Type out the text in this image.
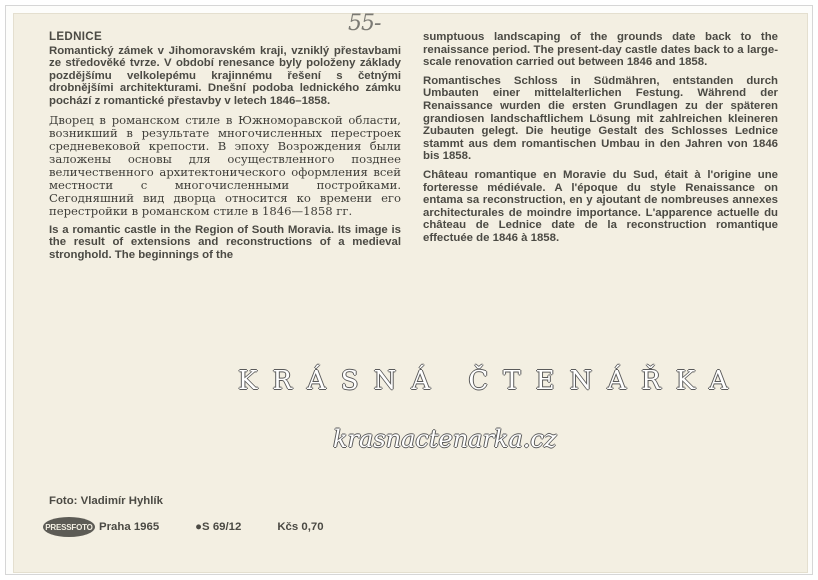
55-
LEDNICE

Romantický zámek v Jihomoravském kraji, vzniklý přestavbami ze středověké tvrze. V období renesance byly položeny základy pozdějšímu velkolepému krajinnému řešení s četnými drobnějšími architekturami. Dnešní podoba lednického zámku pochází z romantické přestavby v letech 1846–1858.

Дворец в романском стиле в Южноморавской области, возникший в результате многочисленных перестроек средневековой крепости. В эпоху Возрождения были заложены основы для осуществленного позднее величественного архитектонического оформления всей местности с многочисленными постройками. Сегодняшний вид дворца относится ко времени его перестройки в романском стиле в 1846—1858 гг.

Is a romantic castle in the Region of South Moravia. Its image is the result of extensions and reconstructions of a medieval stronghold. The beginnings of the

sumptuous landscaping of the grounds date back to the renaissance period. The present-day castle dates back to a large-scale renovation carried out between 1846 and 1858.

Romantisches Schloss in Südmähren, entstanden durch Umbauten einer mittelalterlichen Festung. Während der Renaissance wurden die ersten Grundlagen zu der späteren grandiosen landschaftlichem Lösung mit zahlreichen kleineren Zubauten gelegt. Die heutige Gestalt des Schlosses Lednice stammt aus dem romantischen Umbau in den Jahren von 1846 bis 1858.

Château romantique en Moravie du Sud, était à l'origine une forteresse médiévale. A l'époque du style Renaissance on entama sa reconstruction, en y ajoutant de nombreuses annexes architecturales de moindre importance. L'apparence actuelle du château de Lednice date de la reconstruction romantique effectuée de 1846 à 1858.

KRÁSNÁ ČTENÁŘKA
krasnactenarka.cz
Foto: Vladimír Hyhlík
PRESSFOTO Praha 1965	●S 69/12	Kčs 0,70
